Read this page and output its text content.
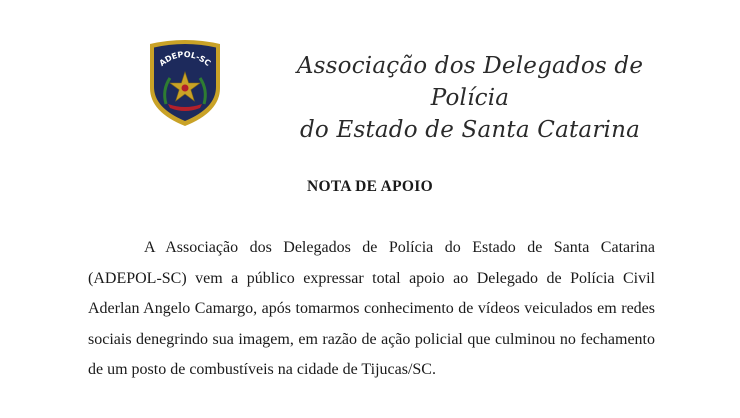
ADEPOL-SC	Associação dos Delegados de Polícia
do Estado de Santa Catarina
NOTA DE APOIO

A Associação dos Delegados de Polícia do Estado de Santa Catarina (ADEPOL-SC) vem a público expressar total apoio ao Delegado de Polícia Civil Aderlan Angelo Camargo, após tomarmos conhecimento de vídeos veiculados em redes sociais denegrindo sua imagem, em razão de ação policial que culminou no fechamento de um posto de combustíveis na cidade de Tijucas/SC.
